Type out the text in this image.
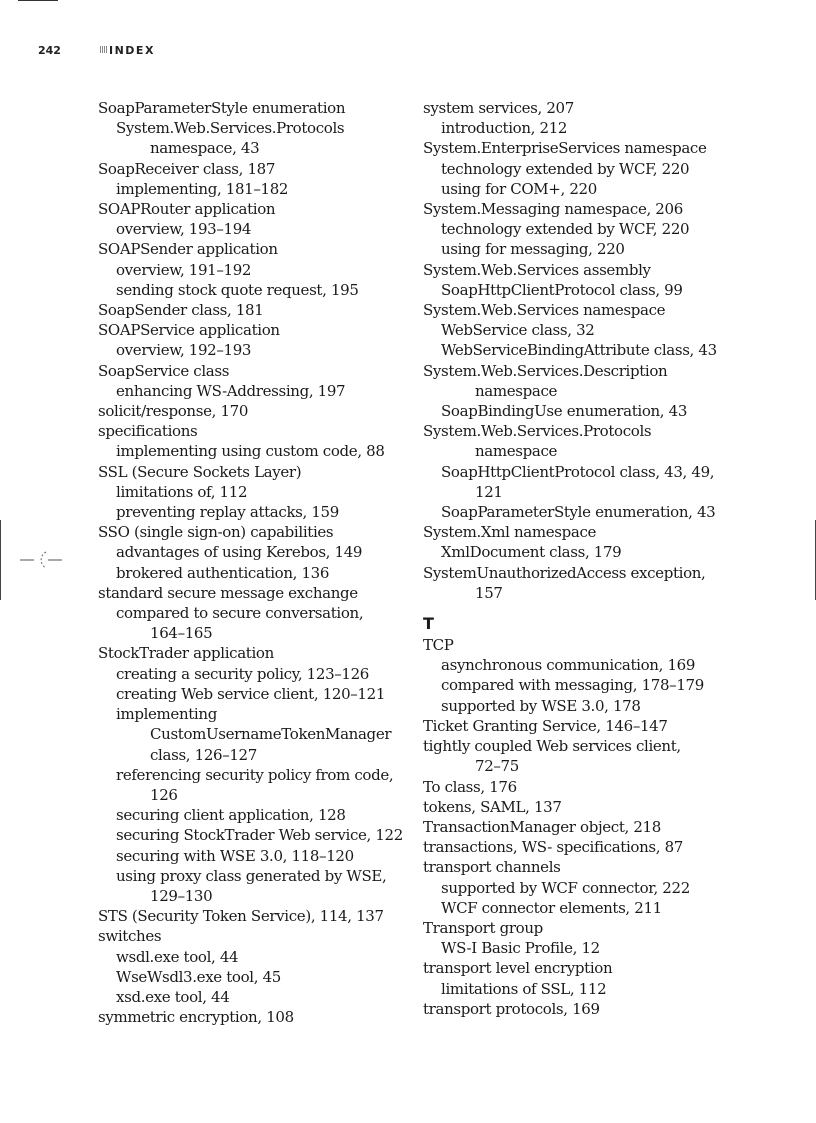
242	INDEX
SoapParameterStyle enumeration
System.Web.Services.Protocols
namespace, 43
SoapReceiver class, 187
implementing, 181–182
SOAPRouter application
overview, 193–194
SOAPSender application
overview, 191–192
sending stock quote request, 195
SoapSender class, 181
SOAPService application
overview, 192–193
SoapService class
enhancing WS-Addressing, 197
solicit/response, 170
specifications
implementing using custom code, 88
SSL (Secure Sockets Layer)
limitations of, 112
preventing replay attacks, 159
SSO (single sign-on) capabilities
advantages of using Kerebos, 149
brokered authentication, 136
standard secure message exchange
compared to secure conversation,
164–165
StockTrader application
creating a security policy, 123–126
creating Web service client, 120–121
implementing
CustomUsernameTokenManager
class, 126–127
referencing security policy from code,
126
securing client application, 128
securing StockTrader Web service, 122
securing with WSE 3.0, 118–120
using proxy class generated by WSE,
129–130
STS (Security Token Service), 114, 137
switches
wsdl.exe tool, 44
WseWsdl3.exe tool, 45
xsd.exe tool, 44
symmetric encryption, 108
system services, 207
introduction, 212
System.EnterpriseServices namespace
technology extended by WCF, 220
using for COM+, 220
System.Messaging namespace, 206
technology extended by WCF, 220
using for messaging, 220
System.Web.Services assembly
SoapHttpClientProtocol class, 99
System.Web.Services namespace
WebService class, 32
WebServiceBindingAttribute class, 43
System.Web.Services.Description
namespace
SoapBindingUse enumeration, 43
System.Web.Services.Protocols
namespace
SoapHttpClientProtocol class, 43, 49,
121
SoapParameterStyle enumeration, 43
System.Xml namespace
XmlDocument class, 179
SystemUnauthorizedAccess exception,
157
T
TCP
asynchronous communication, 169
compared with messaging, 178–179
supported by WSE 3.0, 178
Ticket Granting Service, 146–147
tightly coupled Web services client,
72–75
To class, 176
tokens, SAML, 137
TransactionManager object, 218
transactions, WS- specifications, 87
transport channels
supported by WCF connector, 222
WCF connector elements, 211
Transport group
WS-I Basic Profile, 12
transport level encryption
limitations of SSL, 112
transport protocols, 169
